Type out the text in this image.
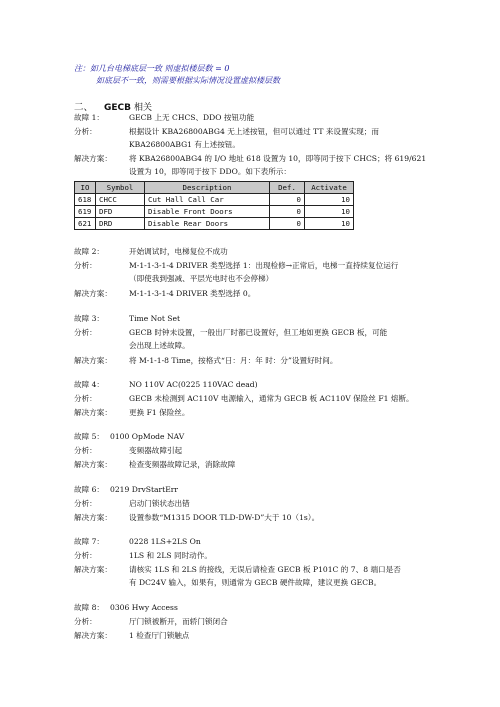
注：如几台电梯底层一致 则虚拟楼层数 = 0
如底层不一致，则需要根据实际情况设置虚拟楼层数
二、 GECB 相关
故障 1：	GECB 上无 CHCS、DDO 按钮功能
分析：	根据设计 KBA26800ABG4 无上述按钮，但可以通过 TT 来设置实现；而
KBA26800ABG1 有上述按钮。
解决方案： 将 KBA26800ABG4 的 I/O 地址 618 设置为 10，即等同于按下 CHCS；将 619/621
设置为 10，即等同于按下 DDO。如下表所示：
IO	Symbol	Description	Def.	Activate
618	CHCC	Cut Hall Call Car	0	10
619	DFD	Disable Front Doors	0	10
621	DRD	Disable Rear Doors	0	10
故障 2：	开始调试时，电梯复位不成功
分析：	M-1-1-3-1-4 DRIVER 类型选择 1：出现检修→正常后，电梯一直持续复位运行
（即使我到强减、平层光电时也不会停梯）
解决方案： M-1-1-3-1-4 DRIVER 类型选择 0。
故障 3：	Time Not Set
分析：	GECB 时钟未设置，一般出厂时都已设置好，但工地如更换 GECB 板，可能
会出现上述故障。
解决方案： 将 M-1-1-8 Time，按格式“日：月：年 时：分”设置好时间。
故障 4：	NO 110V AC(0225 110VAC dead)
分析：	GECB 未检测到 AC110V 电源输入，通常为 GECB 板 AC110V 保险丝 F1 熔断。
解决方案： 更换 F1 保险丝。
故障 5： 0100 OpMode NAV
分析：	变频器故障引起
解决方案： 检查变频器故障记录，消除故障
故障 6： 0219 DrvStartErr
分析：	启动门锁状态出错
解决方案： 设置参数“M1315 DOOR TLD-DW-D”大于 10（1s）。
故障 7：	0228 1LS+2LS On
分析：	1LS 和 2LS 同时动作。
解决方案： 请核实 1LS 和 2LS 的接线，无误后请检查 GECB 板 P101C 的 7、8 端口是否
有 DC24V 输入，如果有，则通常为 GECB 硬件故障，建议更换 GECB。
故障 8： 0306 Hwy Access
分析：	厅门锁被断开，而轿门锁闭合
解决方案： 1 检查厅门锁触点
